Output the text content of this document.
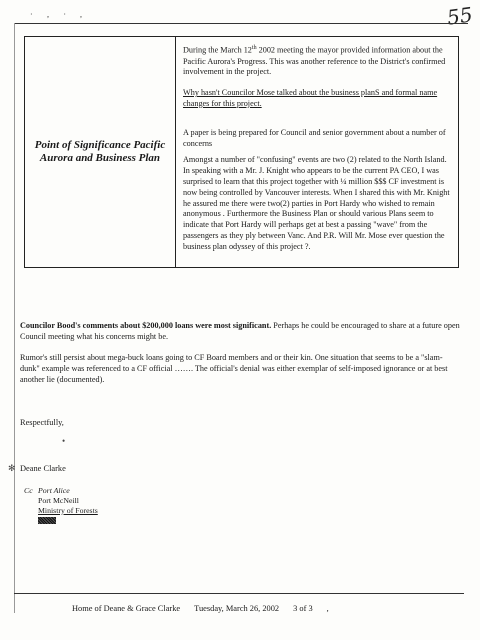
55
· ‚ · ,
Point of Significance Pacific Aurora and Business Plan

During the March 12th 2002 meeting the mayor provided information about the Pacific Aurora's Progress. This was another reference to the District's confirmed involvement in the project.

Why hasn't Councilor Mose talked about the business planS and formal name changes for this project.

A paper is being prepared for Council and senior government about a number of concerns

Amongst a number of "confusing" events are two (2) related to the North Island. In speaking with a Mr. J. Knight who appears to be the current PA CEO, I was surprised to learn that this project together with ¼ million $$$ CF investment is now being controlled by Vancouver interests. When I shared this with Mr. Knight he assured me there were two(2) parties in Port Hardy who wished to remain anonymous . Furthermore the Business Plan or should various Plans seem to indicate that Port Hardy will perhaps get at best a passing "wave" from the passengers as they ply between Vanc. And P.R. Will Mr. Mose ever question the business plan odyssey of this project ?.

Councilor Bood's comments about $200,000 loans were most significant. Perhaps he could be encouraged to share at a future open Council meeting what his concerns might be.
Rumor's still persist about mega-buck loans going to CF Board members and or their kin. One situation that seems to be a "slam-dunk" example was referenced to a CF official ……. The official's denial was either exemplar of self-imposed ignorance or at best another lie (documented).
Respectfully,
•
✻ Deane Clarke
Cc Port Alice
Port McNeill
Ministry of Forests
Home of Deane & Grace Clarke Tuesday, March 26, 2002 3 of 3 ,
